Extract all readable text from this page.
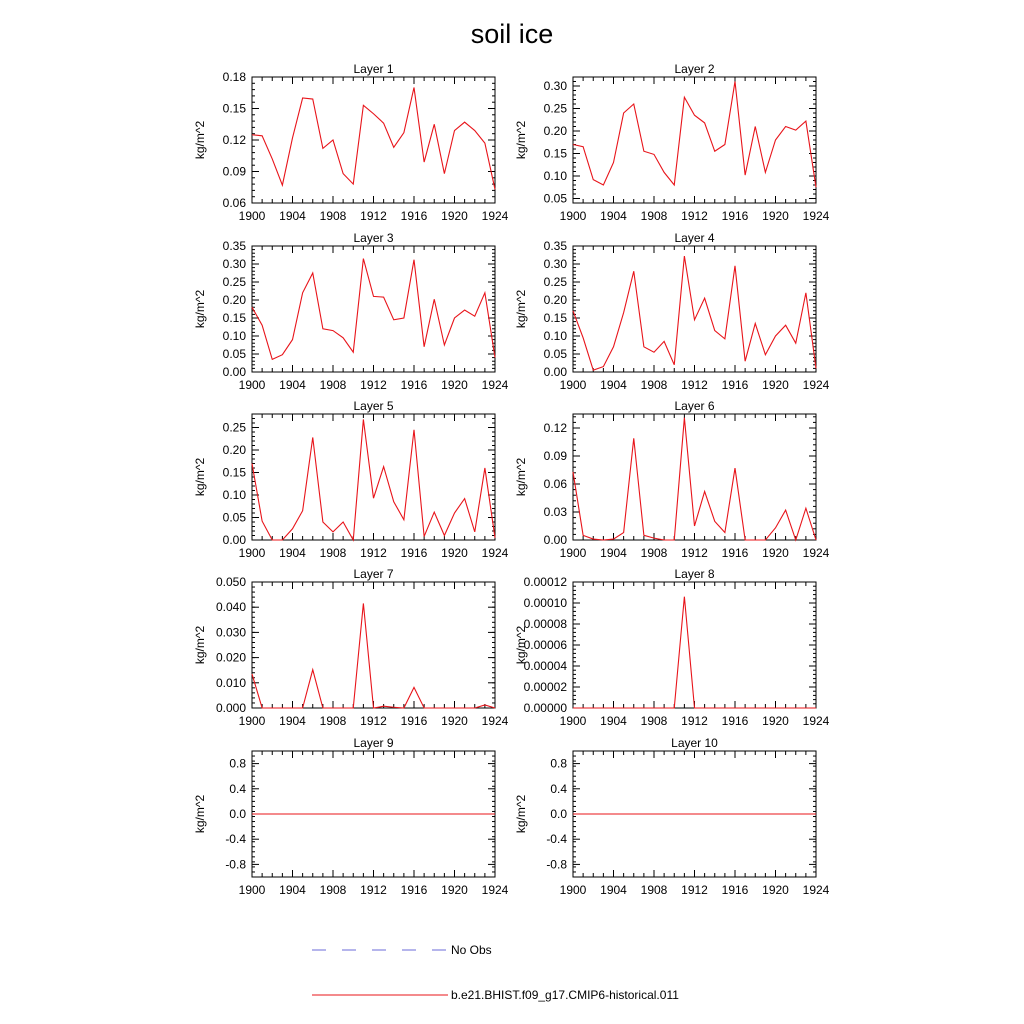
soil ice
Layer 1
1900 1904 1908 1912 1916 1920 1924
0.06
0.09
0.12
0.15
0.18
kg/m^2
Layer 2
1900 1904 1908 1912 1916 1920 1924
0.05
0.10
0.15
0.20
0.25
0.30
kg/m^2
Layer 3
1900 1904 1908 1912 1916 1920 1924
0.00
0.05
0.10
0.15
0.20
0.25
0.30
0.35
kg/m^2
Layer 4
1900 1904 1908 1912 1916 1920 1924
0.00
0.05
0.10
0.15
0.20
0.25
0.30
0.35
kg/m^2
Layer 5
1900 1904 1908 1912 1916 1920 1924
0.00
0.05
0.10
0.15
0.20
0.25
kg/m^2
Layer 6
1900 1904 1908 1912 1916 1920 1924
0.00
0.03
0.06
0.09
0.12
kg/m^2
Layer 7
1900 1904 1908 1912 1916 1920 1924
0.000
0.010
0.020
0.030
0.040
0.050
kg/m^2
Layer 8
1900 1904 1908 1912 1916 1920 1924
0.00000
0.00002
0.00004
0.00006
0.00008
0.00010
0.00012
kg/m^2
Layer 9
1900 1904 1908 1912 1916 1920 1924
-0.8
-0.4
0.0
0.4
0.8
kg/m^2
Layer 10
1900 1904 1908 1912 1916 1920 1924
-0.8
-0.4
0.0
0.4
0.8
kg/m^2
No Obs
b.e21.BHIST.f09_g17.CMIP6-historical.011
